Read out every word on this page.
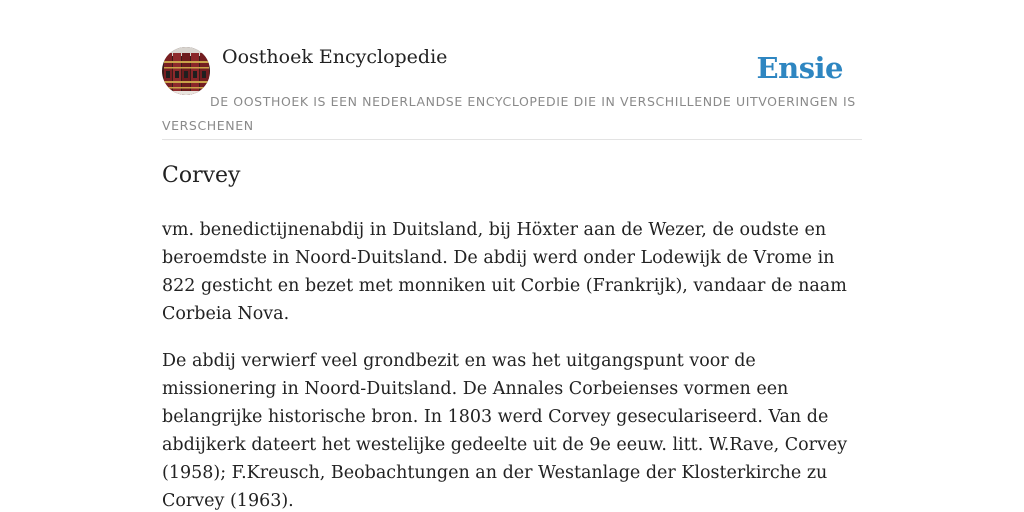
Oosthoek Encyclopedie	Ensie

DE OOSTHOEK IS EEN NEDERLANDSE ENCYCLOPEDIE DIE IN VERSCHILLENDE UITVOERINGEN IS VERSCHENEN

Corvey

vm. benedictijnenabdij in Duitsland, bij Höxter aan de Wezer, de oudste en beroemdste in Noord-Duitsland. De abdij werd onder Lodewijk de Vrome in 822 gesticht en bezet met monniken uit Corbie (Frankrijk), vandaar de naam Corbeia Nova.

De abdij verwierf veel grondbezit en was het uitgangspunt voor de missionering in Noord-Duitsland. De Annales Corbeienses vormen een belangrijke historische bron. In 1803 werd Corvey geseculariseerd. Van de abdijkerk dateert het westelijke gedeelte uit de 9e eeuw. litt. W.Rave, Corvey (1958); F.Kreusch, Beobachtungen an der Westanlage der Klosterkirche zu Corvey (1963).
